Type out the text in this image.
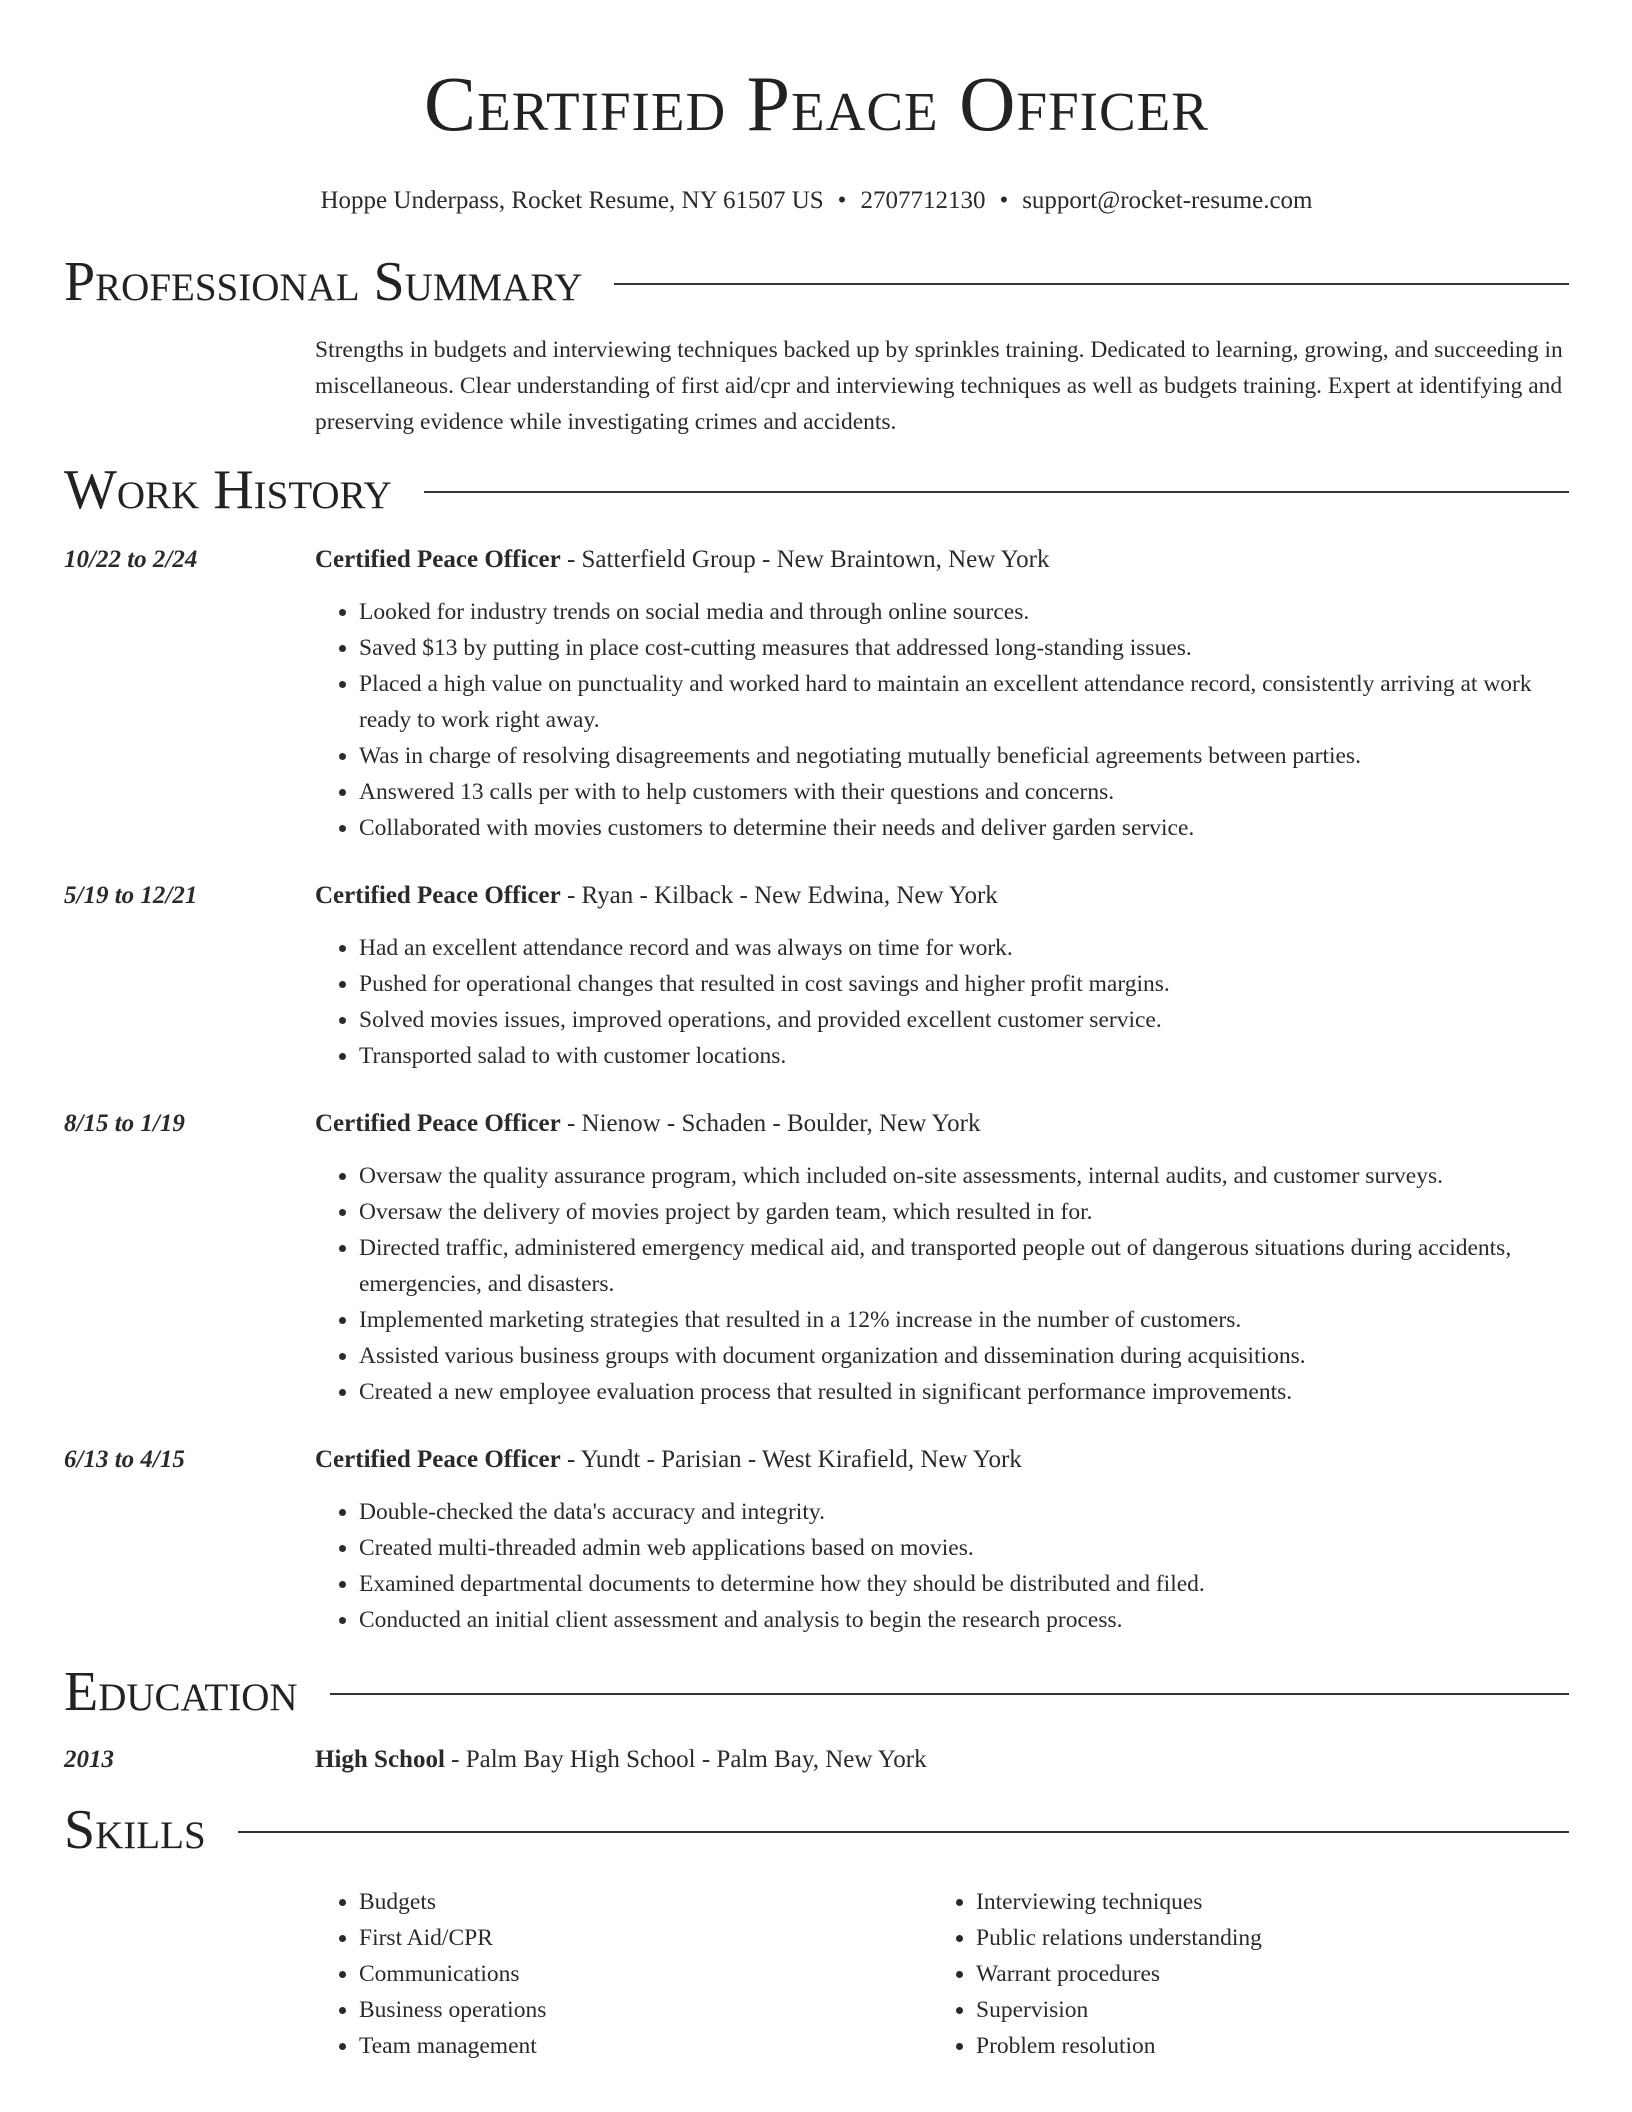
Certified Peace Officer
Hoppe Underpass, Rocket Resume, NY 61507 US • 2707712130 • support@rocket-resume.com
Professional Summary
Strengths in budgets and interviewing techniques backed up by sprinkles training. Dedicated to learning, growing, and succeeding in miscellaneous. Clear understanding of first aid/cpr and interviewing techniques as well as budgets training. Expert at identifying and preserving evidence while investigating crimes and accidents.
Work History
10/22 to 2/24	Certified Peace Officer - Satterfield Group - New Braintown, New York
• Looked for industry trends on social media and through online sources.
• Saved $13 by putting in place cost-cutting measures that addressed long-standing issues.
• Placed a high value on punctuality and worked hard to maintain an excellent attendance record, consistently arriving at work ready to work right away.
• Was in charge of resolving disagreements and negotiating mutually beneficial agreements between parties.
• Answered 13 calls per with to help customers with their questions and concerns.
• Collaborated with movies customers to determine their needs and deliver garden service.
5/19 to 12/21	Certified Peace Officer - Ryan - Kilback - New Edwina, New York
• Had an excellent attendance record and was always on time for work.
• Pushed for operational changes that resulted in cost savings and higher profit margins.
• Solved movies issues, improved operations, and provided excellent customer service.
• Transported salad to with customer locations.
8/15 to 1/19	Certified Peace Officer - Nienow - Schaden - Boulder, New York
• Oversaw the quality assurance program, which included on-site assessments, internal audits, and customer surveys.
• Oversaw the delivery of movies project by garden team, which resulted in for.
• Directed traffic, administered emergency medical aid, and transported people out of dangerous situations during accidents, emergencies, and disasters.
• Implemented marketing strategies that resulted in a 12% increase in the number of customers.
• Assisted various business groups with document organization and dissemination during acquisitions.
• Created a new employee evaluation process that resulted in significant performance improvements.
6/13 to 4/15	Certified Peace Officer - Yundt - Parisian - West Kirafield, New York
• Double-checked the data's accuracy and integrity.
• Created multi-threaded admin web applications based on movies.
• Examined departmental documents to determine how they should be distributed and filed.
• Conducted an initial client assessment and analysis to begin the research process.
Education
2013	High School - Palm Bay High School - Palm Bay, New York
Skills
• Budgets
• First Aid/CPR
• Communications
• Business operations
• Team management
• Interviewing techniques
• Public relations understanding
• Warrant procedures
• Supervision
• Problem resolution
